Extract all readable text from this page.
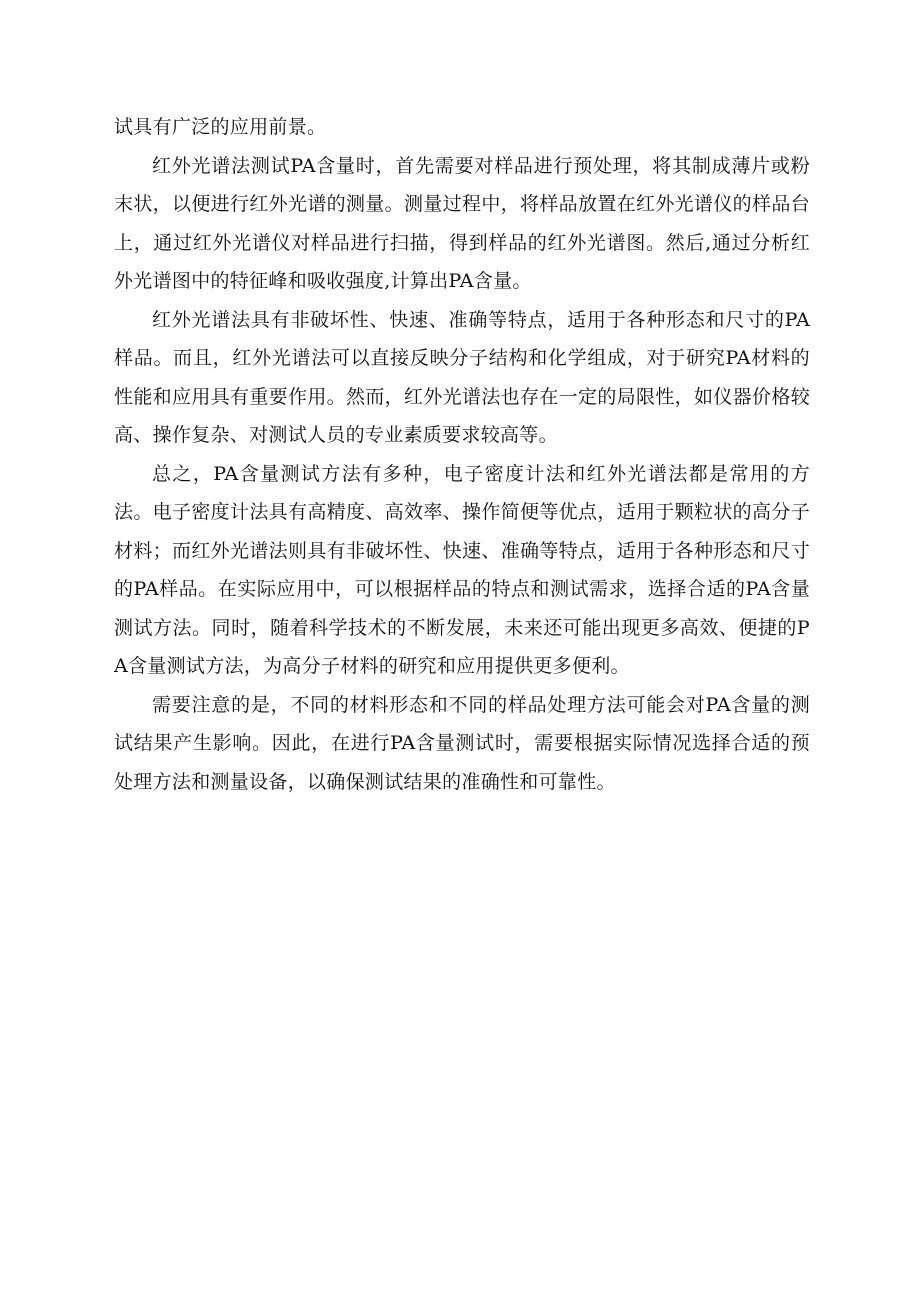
试具有广泛的应用前景。

红外光谱法测试PA含量时，首先需要对样品进行预处理，将其制成薄片或粉末状，以便进行红外光谱的测量。测量过程中，将样品放置在红外光谱仪的样品台上，通过红外光谱仪对样品进行扫描，得到样品的红外光谱图。然后,通过分析红外光谱图中的特征峰和吸收强度,计算出PA含量。

红外光谱法具有非破坏性、快速、准确等特点，适用于各种形态和尺寸的PA样品。而且，红外光谱法可以直接反映分子结构和化学组成，对于研究PA材料的性能和应用具有重要作用。然而，红外光谱法也存在一定的局限性，如仪器价格较高、操作复杂、对测试人员的专业素质要求较高等。

总之，PA含量测试方法有多种，电子密度计法和红外光谱法都是常用的方法。电子密度计法具有高精度、高效率、操作简便等优点，适用于颗粒状的高分子材料；而红外光谱法则具有非破坏性、快速、准确等特点，适用于各种形态和尺寸的PA样品。在实际应用中，可以根据样品的特点和测试需求，选择合适的PA含量测试方法。同时，随着科学技术的不断发展，未来还可能出现更多高效、便捷的PA含量测试方法，为高分子材料的研究和应用提供更多便利。

需要注意的是，不同的材料形态和不同的样品处理方法可能会对PA含量的测试结果产生影响。因此，在进行PA含量测试时，需要根据实际情况选择合适的预处理方法和测量设备，以确保测试结果的准确性和可靠性。
